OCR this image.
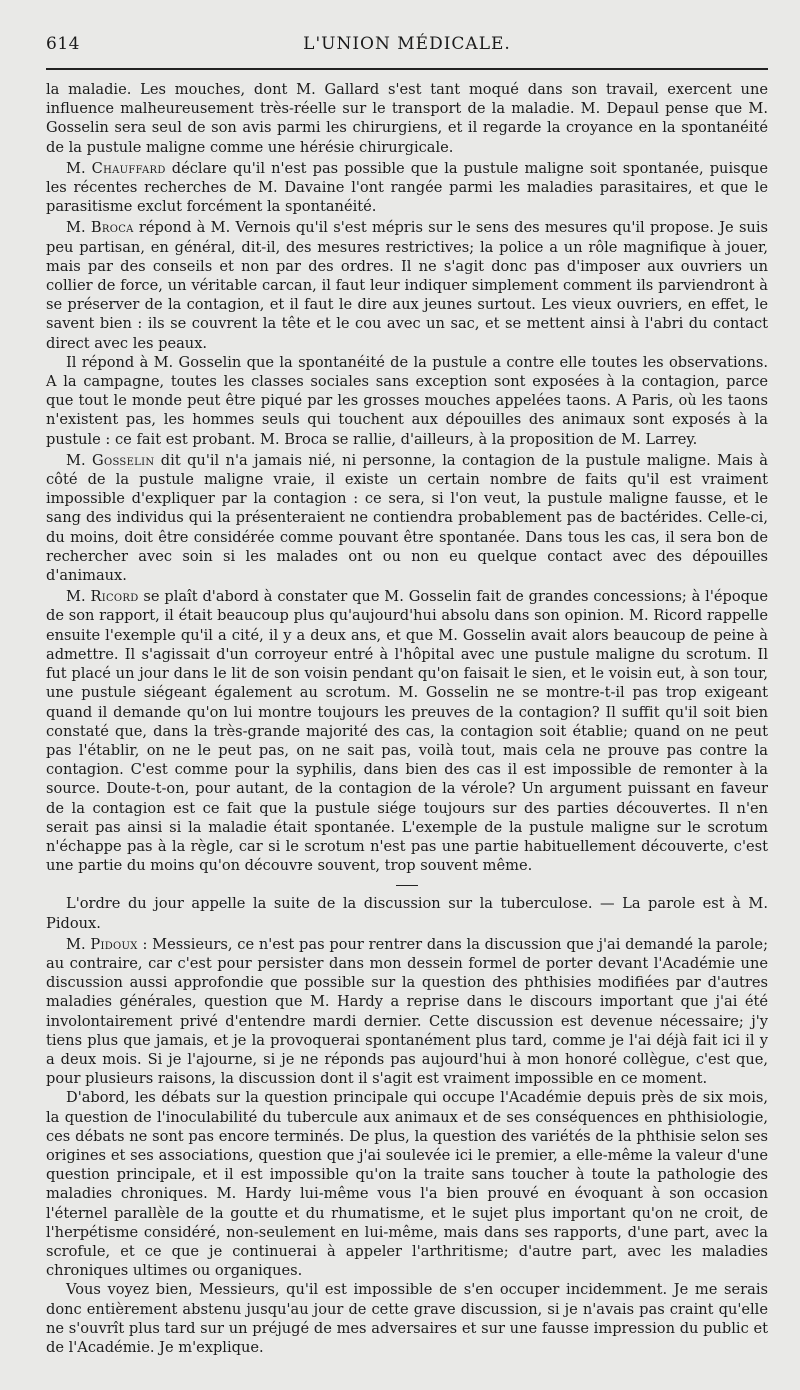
614	L'UNION MÉDICALE.

la maladie. Les mouches, dont M. Gallard s'est tant moqué dans son travail, exercent une influence malheureusement très-réelle sur le transport de la maladie. M. Depaul pense que M. Gosselin sera seul de son avis parmi les chirurgiens, et il regarde la croyance en la spontanéité de la pustule maligne comme une hérésie chirurgicale.

M. Chauffard déclare qu'il n'est pas possible que la pustule maligne soit spontanée, puisque les récentes recherches de M. Davaine l'ont rangée parmi les maladies parasitaires, et que le parasitisme exclut forcément la spontanéité.

M. Broca répond à M. Vernois qu'il s'est mépris sur le sens des mesures qu'il propose. Je suis peu partisan, en général, dit-il, des mesures restrictives; la police a un rôle magnifique à jouer, mais par des conseils et non par des ordres. Il ne s'agit donc pas d'imposer aux ouvriers un collier de force, un véritable carcan, il faut leur indiquer simplement comment ils parviendront à se préserver de la contagion, et il faut le dire aux jeunes surtout. Les vieux ouvriers, en effet, le savent bien : ils se couvrent la tête et le cou avec un sac, et se mettent ainsi à l'abri du contact direct avec les peaux.

Il répond à M. Gosselin que la spontanéité de la pustule a contre elle toutes les observations. A la campagne, toutes les classes sociales sans exception sont exposées à la contagion, parce que tout le monde peut être piqué par les grosses mouches appelées taons. A Paris, où les taons n'existent pas, les hommes seuls qui touchent aux dépouilles des animaux sont exposés à la pustule : ce fait est probant. M. Broca se rallie, d'ailleurs, à la proposition de M. Larrey.

M. Gosselin dit qu'il n'a jamais nié, ni personne, la contagion de la pustule maligne. Mais à côté de la pustule maligne vraie, il existe un certain nombre de faits qu'il est vraiment impossible d'expliquer par la contagion : ce sera, si l'on veut, la pustule maligne fausse, et le sang des individus qui la présenteraient ne contiendra probablement pas de bactérides. Celle-ci, du moins, doit être considérée comme pouvant être spontanée. Dans tous les cas, il sera bon de rechercher avec soin si les malades ont ou non eu quelque contact avec des dépouilles d'animaux.

M. Ricord se plaît d'abord à constater que M. Gosselin fait de grandes concessions; à l'époque de son rapport, il était beaucoup plus qu'aujourd'hui absolu dans son opinion. M. Ricord rappelle ensuite l'exemple qu'il a cité, il y a deux ans, et que M. Gosselin avait alors beaucoup de peine à admettre. Il s'agissait d'un corroyeur entré à l'hôpital avec une pustule maligne du scrotum. Il fut placé un jour dans le lit de son voisin pendant qu'on faisait le sien, et le voisin eut, à son tour, une pustule siégeant également au scrotum. M. Gosselin ne se montre-t-il pas trop exigeant quand il demande qu'on lui montre toujours les preuves de la contagion? Il suffit qu'il soit bien constaté que, dans la très-grande majorité des cas, la contagion soit établie; quand on ne peut pas l'établir, on ne le peut pas, on ne sait pas, voilà tout, mais cela ne prouve pas contre la contagion. C'est comme pour la syphilis, dans bien des cas il est impossible de remonter à la source. Doute-t-on, pour autant, de la contagion de la vérole? Un argument puissant en faveur de la contagion est ce fait que la pustule siége toujours sur des parties découvertes. Il n'en serait pas ainsi si la maladie était spontanée. L'exemple de la pustule maligne sur le scrotum n'échappe pas à la règle, car si le scrotum n'est pas une partie habituellement découverte, c'est une partie du moins qu'on découvre souvent, trop souvent même.

L'ordre du jour appelle la suite de la discussion sur la tuberculose. — La parole est à M. Pidoux.

M. Pidoux : Messieurs, ce n'est pas pour rentrer dans la discussion que j'ai demandé la parole; au contraire, car c'est pour persister dans mon dessein formel de porter devant l'Académie une discussion aussi approfondie que possible sur la question des phthisies modifiées par d'autres maladies générales, question que M. Hardy a reprise dans le discours important que j'ai été involontairement privé d'entendre mardi dernier. Cette discussion est devenue nécessaire; j'y tiens plus que jamais, et je la provoquerai spontanément plus tard, comme je l'ai déjà fait ici il y a deux mois. Si je l'ajourne, si je ne réponds pas aujourd'hui à mon honoré collègue, c'est que, pour plusieurs raisons, la discussion dont il s'agit est vraiment impossible en ce moment.

D'abord, les débats sur la question principale qui occupe l'Académie depuis près de six mois, la question de l'inoculabilité du tubercule aux animaux et de ses conséquences en phthisiologie, ces débats ne sont pas encore terminés. De plus, la question des variétés de la phthisie selon ses origines et ses associations, question que j'ai soulevée ici le premier, a elle-même la valeur d'une question principale, et il est impossible qu'on la traite sans toucher à toute la pathologie des maladies chroniques. M. Hardy lui-même vous l'a bien prouvé en évoquant à son occasion l'éternel parallèle de la goutte et du rhumatisme, et le sujet plus important qu'on ne croit, de l'herpétisme considéré, non-seulement en lui-même, mais dans ses rapports, d'une part, avec la scrofule, et ce que je continuerai à appeler l'arthritisme; d'autre part, avec les maladies chroniques ultimes ou organiques.

Vous voyez bien, Messieurs, qu'il est impossible de s'en occuper incidemment. Je me serais donc entièrement abstenu jusqu'au jour de cette grave discussion, si je n'avais pas craint qu'elle ne s'ouvrît plus tard sur un préjugé de mes adversaires et sur une fausse impression du public et de l'Académie. Je m'explique.
